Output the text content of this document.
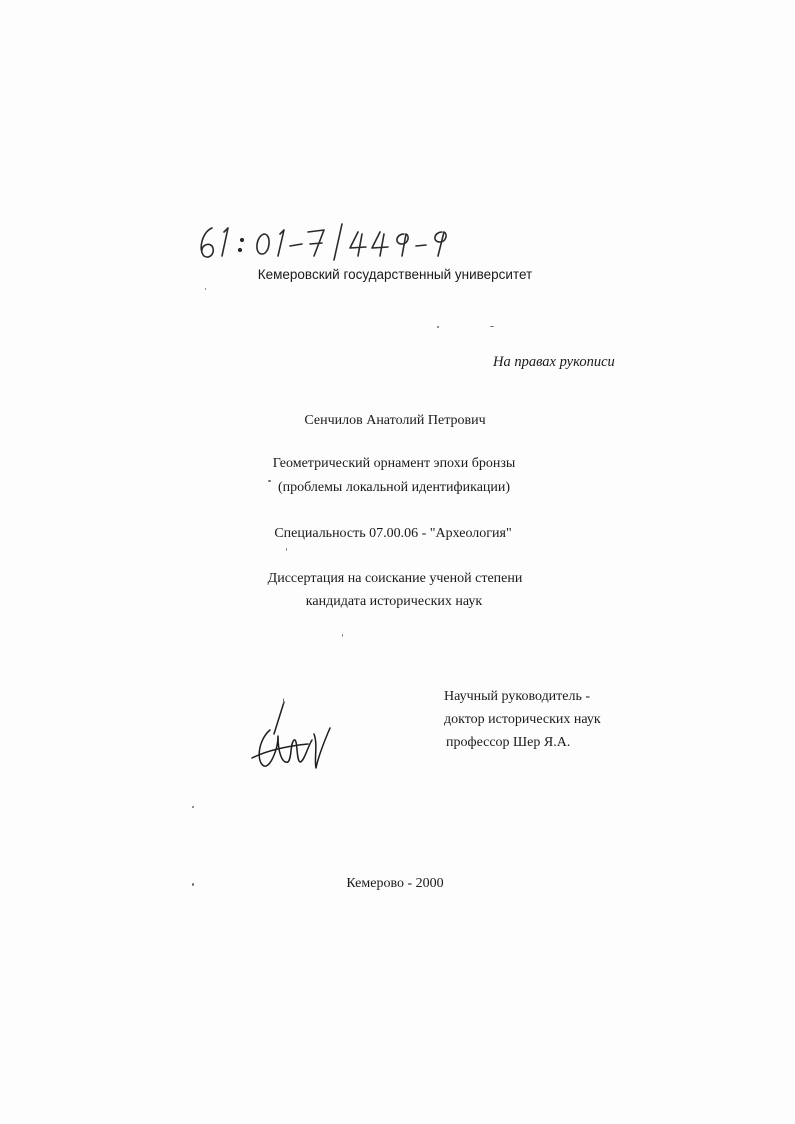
Кемеровский государственный университет
На правах рукописи
Сенчилов Анатолий Петрович
Геометрический орнамент эпохи бронзы
(проблемы локальной идентификации)
Специальность 07.00.06 - "Археология"
Диссертация на соискание ученой степени
кандидата исторических наук
Научный руководитель -
доктор исторических наук
профессор Шер Я.А.
Кемерово - 2000
